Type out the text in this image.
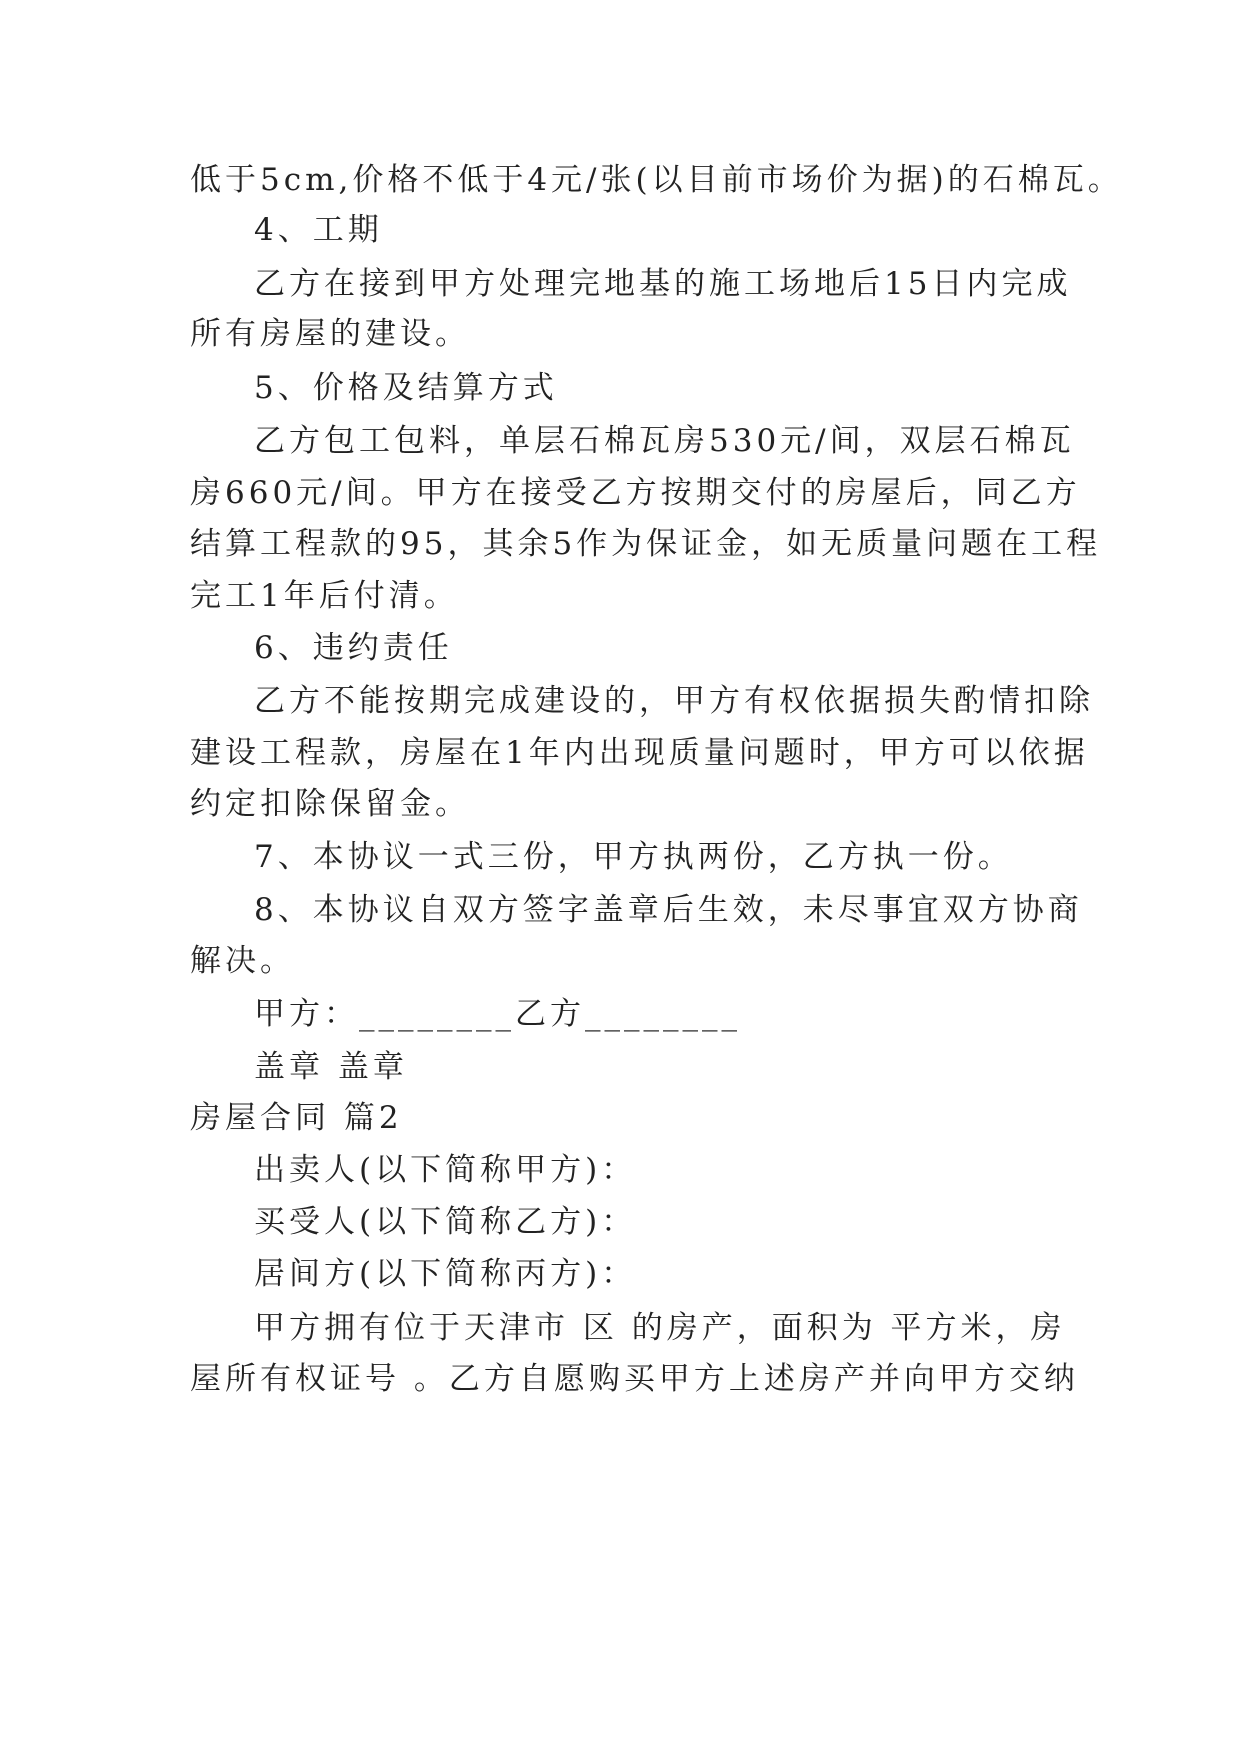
低于5cm,价格不低于4元/张(以目前市场价为据)的石棉瓦。
4、工期
乙方在接到甲方处理完地基的施工场地后15日内完成
所有房屋的建设。
5、价格及结算方式
乙方包工包料，单层石棉瓦房530元/间，双层石棉瓦
房660元/间。甲方在接受乙方按期交付的房屋后，同乙方
结算工程款的95，其余5作为保证金，如无质量问题在工程
完工1年后付清。
6、违约责任
乙方不能按期完成建设的，甲方有权依据损失酌情扣除
建设工程款，房屋在1年内出现质量问题时，甲方可以依据
约定扣除保留金。
7、本协议一式三份，甲方执两份，乙方执一份。
8、本协议自双方签字盖章后生效，未尽事宜双方协商
解决。
甲方：________乙方________
盖章 盖章
房屋合同 篇2
出卖人(以下简称甲方)：
买受人(以下简称乙方)：
居间方(以下简称丙方)：
甲方拥有位于天津市 区 的房产，面积为 平方米，房
屋所有权证号 。乙方自愿购买甲方上述房产并向甲方交纳
